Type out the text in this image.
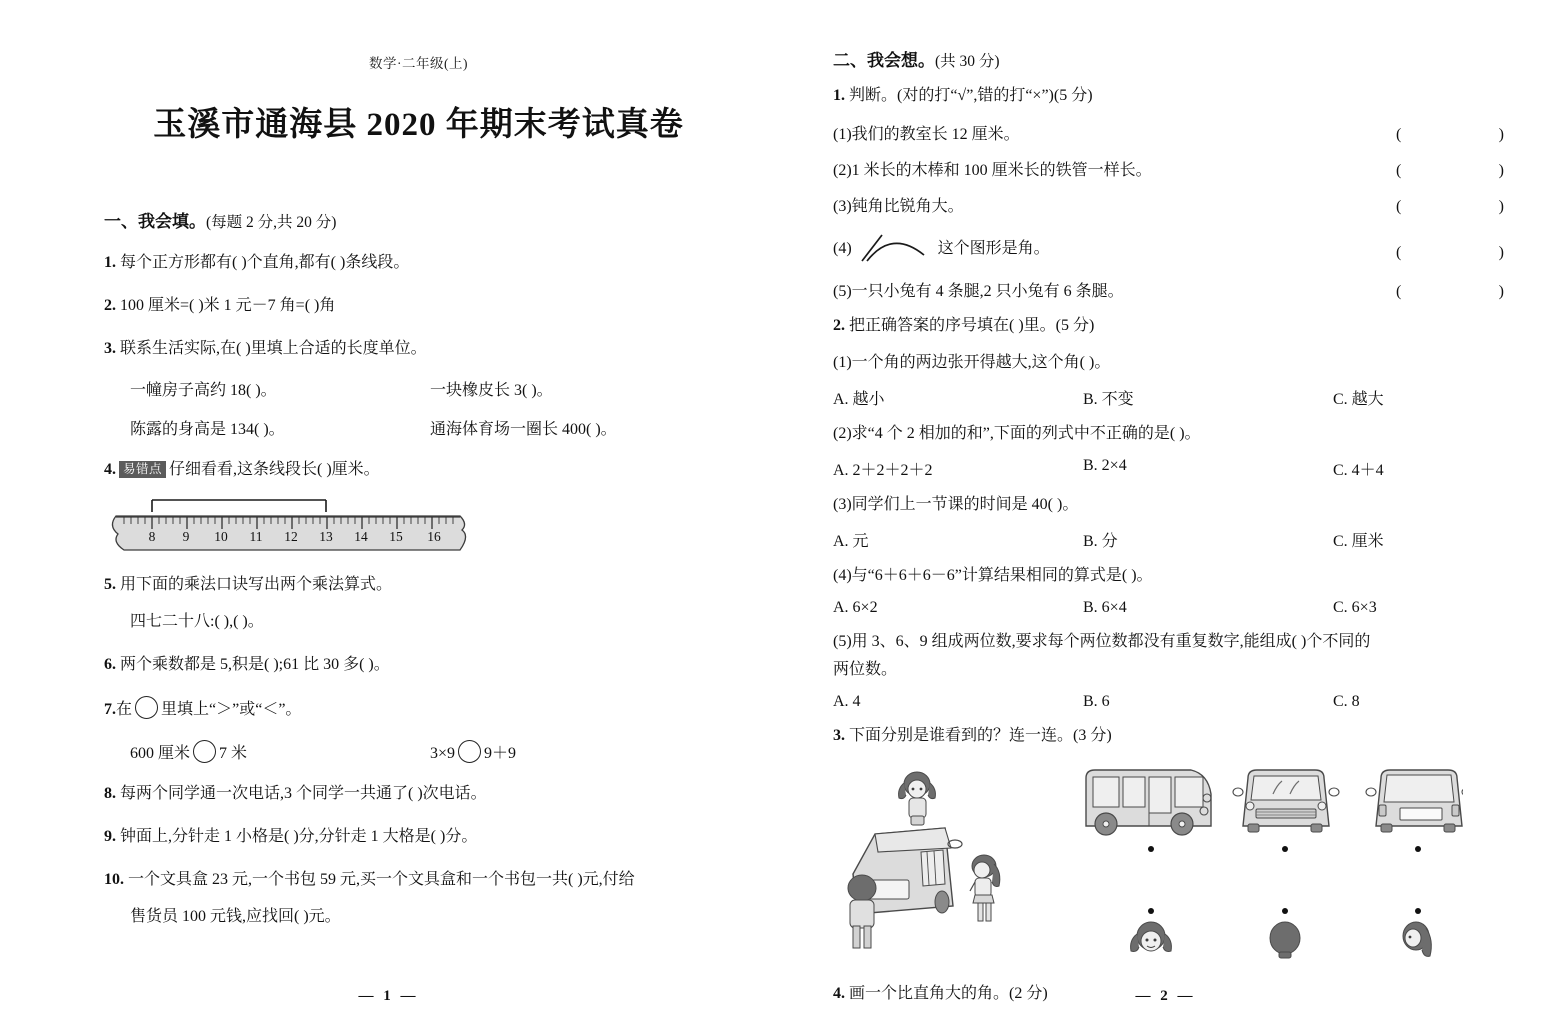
数学·二年级(上)
玉溪市通海县 2020 年期末考试真卷
一、我会填。(每题 2 分,共 20 分)
1. 每个正方形都有( )个直角,都有( )条线段。
2. 100 厘米=( )米 1 元－7 角=( )角
3. 联系生活实际,在( )里填上合适的长度单位。
一幢房子高约 18( )。	一块橡皮长 3( )。
陈露的身高是 134( )。	通海体育场一圈长 400( )。
4. 易错点 仔细看看,这条线段长( )厘米。
8 9 10 11 12 13 14 15 16
5. 用下面的乘法口诀写出两个乘法算式。
四七二十八:( ),( )。
6. 两个乘数都是 5,积是( );61 比 30 多( )。
7.在 里填上“＞”或“＜”。
600 厘米 7 米	3×9 9＋9
8. 每两个同学通一次电话,3 个同学一共通了( )次电话。
9. 钟面上,分针走 1 小格是( )分,分针走 1 大格是( )分。
10. 一个文具盒 23 元,一个书包 59 元,买一个文具盒和一个书包一共( )元,付给
售货员 100 元钱,应找回( )元。
— 1 —
二、我会想。(共 30 分)
1. 判断。(对的打“√”,错的打“×”)(5 分)
(1)我们的教室长 12 厘米。	(	)
(2)1 米长的木棒和 100 厘米长的铁管一样长。	(	)
(3)钝角比锐角大。	(	)
(4)	这个图形是角。	(	)
(5)一只小兔有 4 条腿,2 只小兔有 6 条腿。	(	)
2. 把正确答案的序号填在( )里。(5 分)
(1)一个角的两边张开得越大,这个角( )。
A. 越小	B. 不变	C. 越大
(2)求“4 个 2 相加的和”,下面的列式中不正确的是( )。
A. 2＋2＋2＋2	B. 2×4	C. 4＋4
(3)同学们上一节课的时间是 40( )。
A. 元	B. 分	C. 厘米
(4)与“6＋6＋6－6”计算结果相同的算式是( )。
A. 6×2	B. 6×4	C. 6×3
(5)用 3、6、9 组成两位数,要求每个两位数都没有重复数字,能组成( )个不同的
两位数。
A. 4	B. 6	C. 8
3. 下面分别是谁看到的？连一连。(3 分)
4. 画一个比直角大的角。(2 分)	— 2 —
